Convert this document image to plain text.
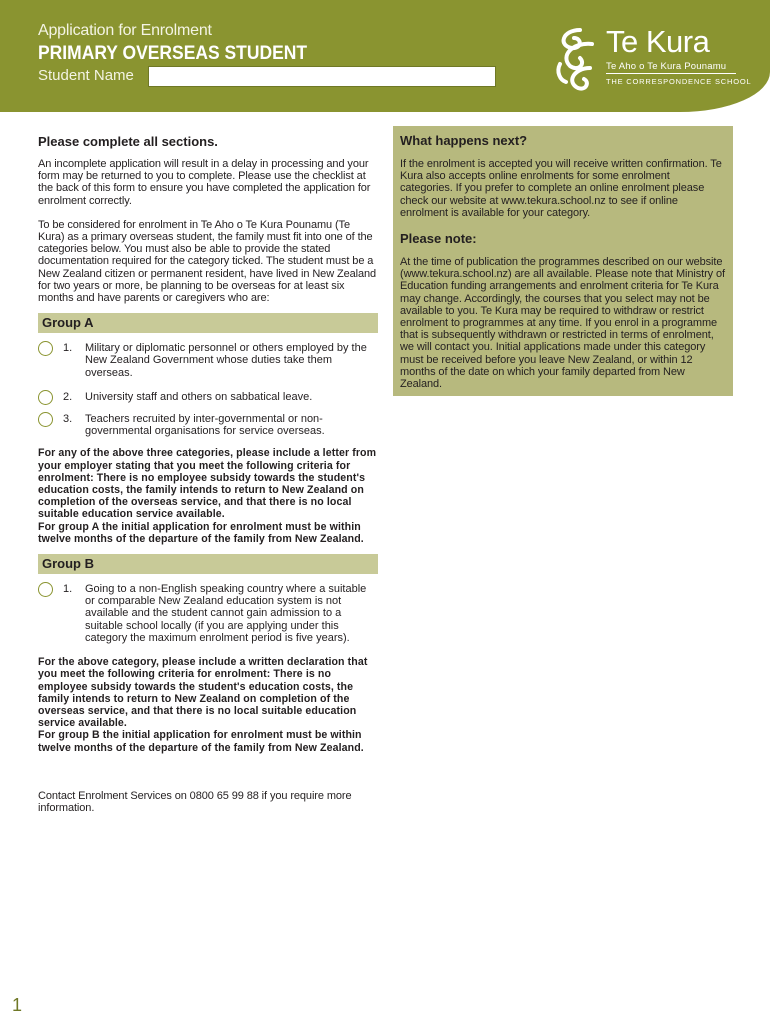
Application for Enrolment
PRIMARY OVERSEAS STUDENT
Student Name
Te Kura
Te Aho o Te Kura Pounamu
THE CORRESPONDENCE SCHOOL
Please complete all sections.

An incomplete application will result in a delay in processing and your form may be returned to you to complete. Please use the checklist at the back of this form to ensure you have completed the application for enrolment correctly.

To be considered for enrolment in Te Aho o Te Kura Pounamu (Te Kura) as a primary overseas student, the family must fit into one of the categories below. You must also be able to provide the stated documentation required for the category ticked. The student must be a New Zealand citizen or permanent resident, have lived in New Zealand for two years or more, be planning to be overseas for at least six months and have parents or caregivers who are:

Group A
1. Military or diplomatic personnel or others employed by the New Zealand Government whose duties take them overseas.
2. University staff and others on sabbatical leave.
3. Teachers recruited by inter-governmental or non-governmental organisations for service overseas.

For any of the above three categories, please include a letter from your employer stating that you meet the following criteria for enrolment: There is no employee subsidy towards the student's education costs, the family intends to return to New Zealand on completion of the overseas service, and that there is no local suitable education service available.

For group A the initial application for enrolment must be within twelve months of the departure of the family from New Zealand.

Group B
1. Going to a non-English speaking country where a suitable or comparable New Zealand education system is not available and the student cannot gain admission to a suitable school locally (if you are applying under this category the maximum enrolment period is five years).

For the above category, please include a written declaration that you meet the following criteria for enrolment: There is no employee subsidy towards the student's education costs, the family intends to return to New Zealand on completion of the overseas service, and that there is no local suitable education service available.

For group B the initial application for enrolment must be within twelve months of the departure of the family from New Zealand.

Contact Enrolment Services on 0800 65 99 88 if you require more information.

What happens next?

If the enrolment is accepted you will receive written confirmation. Te Kura also accepts online enrolments for some enrolment categories. If you prefer to complete an online enrolment please check our website at www.tekura.school.nz to see if online enrolment is available for your category.

Please note:

At the time of publication the programmes described on our website (www.tekura.school.nz) are all available. Please note that Ministry of Education funding arrangements and enrolment criteria for Te Kura may change. Accordingly, the courses that you select may not be available to you. Te Kura may be required to withdraw or restrict enrolment to programmes at any time. If you enrol in a programme that is subsequently withdrawn or restricted in terms of enrolment, we will contact you. Initial applications made under this category must be received before you leave New Zealand, or within 12 months of the date on which your family departed from New Zealand.

1
